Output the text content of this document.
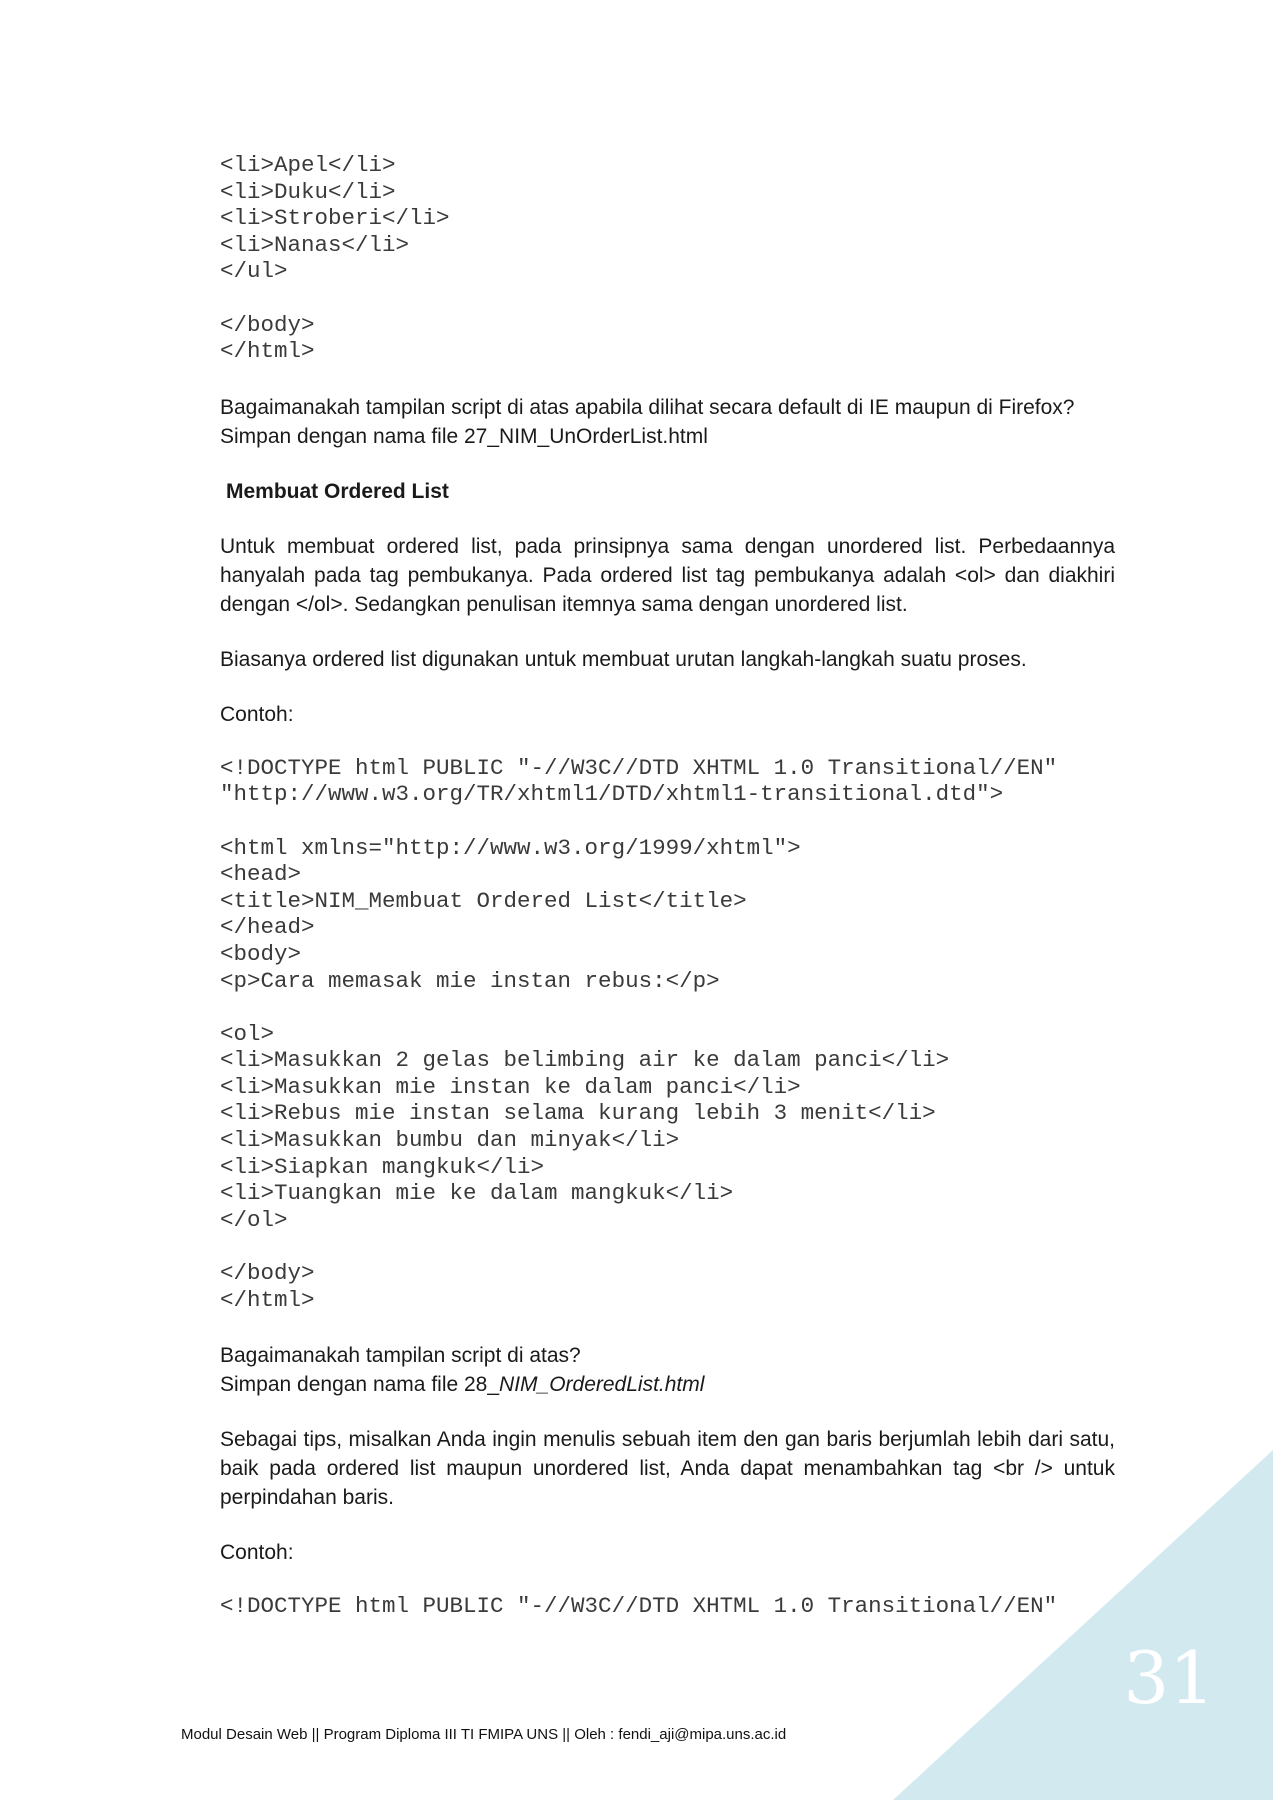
<li>Apel</li>
<li>Duku</li>
<li>Stroberi</li>
<li>Nanas</li>
</ul>

</body>
</html>

Bagaimanakah tampilan script di atas apabila dilihat secara default di IE maupun di Firefox?

Simpan dengan nama file 27_NIM_UnOrderList.html

Membuat Ordered List

Untuk membuat ordered list, pada prinsipnya sama dengan unordered list. Perbedaannya hanyalah pada tag pembukanya. Pada ordered list tag pembukanya adalah <ol> dan diakhiri dengan </ol>. Sedangkan penulisan itemnya sama dengan unordered list.

Biasanya ordered list digunakan untuk membuat urutan langkah-langkah suatu proses.

Contoh:

<!DOCTYPE html PUBLIC "-//W3C//DTD XHTML 1.0 Transitional//EN"
"http://www.w3.org/TR/xhtml1/DTD/xhtml1-transitional.dtd">

<html xmlns="http://www.w3.org/1999/xhtml">
<head>
<title>NIM_Membuat Ordered List</title>
</head>
<body>
<p>Cara memasak mie instan rebus:</p>

<ol>
<li>Masukkan 2 gelas belimbing air ke dalam panci</li>
<li>Masukkan mie instan ke dalam panci</li>
<li>Rebus mie instan selama kurang lebih 3 menit</li>
<li>Masukkan bumbu dan minyak</li>
<li>Siapkan mangkuk</li>
<li>Tuangkan mie ke dalam mangkuk</li>
</ol>

</body>
</html>

Bagaimanakah tampilan script di atas?

Simpan dengan nama file 28_NIM_OrderedList.html

Sebagai tips, misalkan Anda ingin menulis sebuah item den gan baris berjumlah lebih dari satu, baik pada ordered list maupun unordered list, Anda dapat menambahkan tag <br /> untuk perpindahan baris.

Contoh:

<!DOCTYPE html PUBLIC "-//W3C//DTD XHTML 1.0 Transitional//EN"
31
Modul Desain Web || Program Diploma III TI FMIPA UNS || Oleh : fendi_aji@mipa.uns.ac.id
